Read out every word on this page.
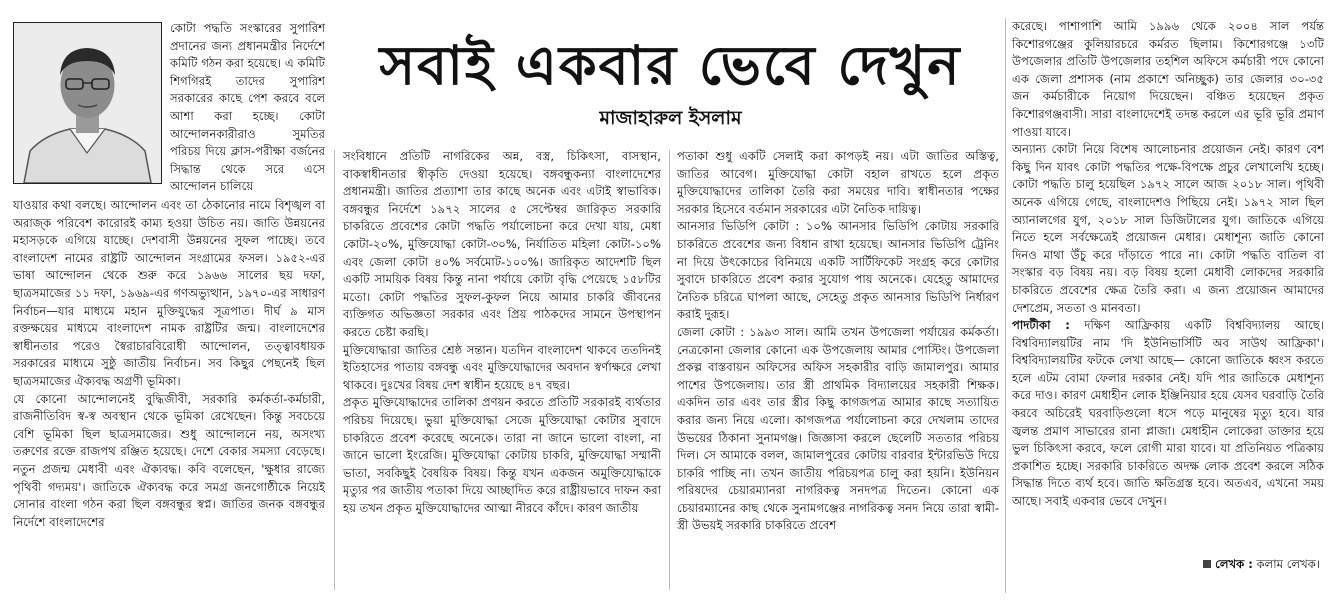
কোটা পদ্ধতি সংস্কারের সুপারিশ প্রদানের জন্য প্রধানমন্ত্রীর নির্দেশে কমিটি গঠন করা হয়েছে। এ কমিটি শিগগিরই তাদের সুপারিশ সরকারের কাছে পেশ করবে বলে আশা করা হচ্ছে। কোটা আন্দোলনকারীরাও সুমতির পরিচয় দিয়ে ক্লাস-পরীক্ষা বর্জনের সিদ্ধান্ত থেকে সরে এসে আন্দোলন চালিয়ে

যাওয়ার কথা বলছে। আন্দোলন এবং তা ঠেকানোর নামে বিশৃঙ্খল বা অরাজ্ক পরিবেশ কারোরই কাম্য হওয়া উচিত নয়। জাতি উন্নয়নের মহাসড়কে এগিয়ে যাচ্ছে। দেশবাসী উন্নয়নের সুফল পাচ্ছে। তবে বাংলাদেশ নামের রাষ্ট্রটি আন্দোলন সংগ্রামের ফসল। ১৯৫২-এর ভাষা আন্দোলন থেকে শুরু করে ১৯৬৬ সালের ছয় দফা, ছাত্রসমাজের ১১ দফা, ১৯৬৯-এর গণঅভ্যুত্থান, ১৯৭০-এর সাধারণ নির্বাচন—যার মাধ্যমে মহান মুক্তিযুদ্ধের সূত্রপাত। দীর্ঘ ৯ মাস রক্তক্ষয়ের মাধ্যমে বাংলাদেশ নামক রাষ্ট্রটির জন্ম। বাংলাদেশের স্বাধীনতার পরেও স্বৈরাচারবিরোধী আন্দোলন, তত্ত্বাবধায়ক সরকারের মাধ্যমে সুষ্ঠু জাতীয় নির্বাচন। সব কিছুর পেছনেই ছিল ছাত্রসমাজের ঐক্যবদ্ধ অগ্রণী ভূমিকা।

যে কোনো আন্দোলনেই বুদ্ধিজীবী, সরকারি কর্মকর্তা-কর্মচারী, রাজনীতিবিদ স্ব-স্ব অবস্থান থেকে ভূমিকা রেখেছেন। কিন্তু সবচেয়ে বেশি ভূমিকা ছিল ছাত্রসমাজের। শুধু আন্দোলনে নয়, অসংখ্য তরুণের রক্তে রাজপথ রঞ্জিত হয়েছে। দেশে বেকার সমস্যা বেড়েছে। নতুন প্রজন্ম মেধাবী এবং ঐক্যবদ্ধ। কবি বলেছেন, 'ক্ষুধার রাজ্যে পৃথিবী গদ্যময়'। জাতিকে ঐক্যবদ্ধ করে সমগ্র জনগোষ্ঠীকে নিয়েই সোনার বাংলা গঠন করা ছিল বঙ্গবন্ধুর স্বপ্ন। জাতির জনক বঙ্গবন্ধুর নির্দেশে বাংলাদেশের

সবাই একবার ভেবে দেখুন
মাজাহারুল ইসলাম

সংবিধানে প্রতিটি নাগরিকের অন্ন, বস্ত্র, চিকিৎসা, বাসস্থান, বাকস্বাধীনতার স্বীকৃতি দেওয়া হয়েছে। বঙ্গবন্ধুকন্যা বাংলাদেশের প্রধানমন্ত্রী। জাতির প্রত্যাশা তার কাছে অনেক এবং এটাই স্বাভাবিক। বঙ্গবন্ধুর নির্দেশে ১৯৭২ সালের ৫ সেপ্টেম্বর জারিকৃত সরকারি চাকরিতে প্রবেশের কোটা পদ্ধতি পর্যালোচনা করে দেখা যায়, মেধা কোটা-২০%, মুক্তিযোদ্ধা কোটা-৩০%, নির্যাতিত মহিলা কোটা-১০% এবং জেলা কোটা ৪০% সর্বমোট-১০০%। জারিকৃত আদেশটি ছিল একটি সাময়িক বিষয় কিন্তু নানা পর্যায়ে কোটা বৃদ্ধি পেয়েছে ১৫৮টির মতো। কোটা পদ্ধতির সুফল-কুফল নিয়ে আমার চাকরি জীবনের ব্যক্তিগত অভিজ্ঞতা সরকার এবং প্রিয় পাঠকদের সামনে উপস্থাপন করতে চেষ্টা করছি।

মুক্তিযোদ্ধারা জাতির শ্রেষ্ঠ সন্তান। যতদিন বাংলাদেশ থাকবে ততদিনই ইতিহাসের পাতায় বঙ্গবন্ধু এবং মুক্তিযোদ্ধাদের অবদান স্বর্ণাক্ষরে লেখা থাকবে। দুঃখের বিষয় দেশ স্বাধীন হয়েছে ৪৭ বছর।

প্রকৃত মুক্তিযোদ্ধাদের তালিকা প্রণয়ন করতে প্রতিটি সরকারই ব্যর্থতার পরিচয় দিয়েছে। ভুয়া মুক্তিযোদ্ধা সেজে মুক্তিযোদ্ধা কোটার সুবাদে চাকরিতে প্রবেশ করেছে অনেকে। তারা না জানে ভালো বাংলা, না জানে ভালো ইংরেজি। মুক্তিযোদ্ধা কোটায় চাকরি, মুক্তিযোদ্ধা সম্মানী ভাতা, সবকিছুই বৈষয়িক বিষয়। কিন্তু যখন একজন অমুক্তিযোদ্ধাকে মৃত্যুর পর জাতীয় পতাকা দিয়ে আচ্ছাদিত করে রাষ্ট্রীয়ভাবে দাফন করা হয় তখন প্রকৃত মুক্তিযোদ্ধাদের আত্মা নীরবে কাঁদে। কারণ জাতীয়

পতাকা শুধু একটি সেলাই করা কাপড়ই নয়। এটা জাতির অস্তিত্ব, জাতির আবেগ। মুক্তিযোদ্ধা কোটা বহাল রাখতে হলে প্রকৃত মুক্তিযোদ্ধাদের তালিকা তৈরি করা সময়ের দাবি। স্বাধীনতার পক্ষের সরকার হিসেবে বর্তমান সরকারের এটা নৈতিক দায়িত্ব।

আনসার ভিডিপি কোটা : ১০% আনসার ভিডিপি কোটায় সরকারি চাকরিতে প্রবেশের জন্য বিধান রাখা হয়েছে। আনসার ভিডিপি ট্রেনিং না দিয়ে উৎকোচের বিনিময়ে একটি সার্টিফিকেট সংগ্রহ করে কোটার সুবাদে চাকরিতে প্রবেশ করার সুযোগ পায় অনেকে। যেহেতু আমাদের নৈতিক চরিত্রে ঘাপলা আছে, সেহেতু প্রকৃত আনসার ভিডিপি নির্ধারণ করাই দুরূহ।

জেলা কোটা : ১৯৯৩ সাল। আমি তখন উপজেলা পর্যায়ের কর্মকর্তা। নেত্রকোনা জেলার কোনো এক উপজেলায় আমার পোস্টিং। উপজেলা প্রকল্প বাস্তবায়ন অফিসের অফিস সহকারীর বাড়ি জামালপুর। আমার পাশের উপজেলায়। তার স্ত্রী প্রাথমিক বিদ্যালয়ের সহকারী শিক্ষক। একদিন তার এবং তার স্ত্রীর কিছু কাগজপত্র আমার কাছে সত্যায়িত করার জন্য নিয়ে এলো। কাগজপত্র পর্যালোচনা করে দেখলাম তাদের উভয়ের ঠিকানা সুনামগঞ্জ। জিজ্ঞাসা করলে ছেলেটি সততার পরিচয় দিল। সে আমাকে বলল, জামালপুরের কোটায় বারবার ইন্টারভিউ দিয়ে চাকরি পাচ্ছি না। তখন জাতীয় পরিচয়পত্র চালু করা হয়নি। ইউনিয়ন পরিষদের চেয়ারম্যানরা নাগরিকত্ব সনদপত্র দিতেন। কোনো এক চেয়ারম্যানের কাছ থেকে সুনামগঞ্জের নাগরিকত্ব সনদ নিয়ে তারা স্বামী-স্ত্রী উভয়ই সরকারি চাকরিতে প্রবেশ

করেছে। পাশাপাশি আমি ১৯৯৬ থেকে ২০০৪ সাল পর্যন্ত কিশোরগঞ্জের কুলিয়ারচরে কর্মরত ছিলাম। কিশোরগঞ্জে ১৩টি উপজেলার প্রতিটি উপজেলার তহশিল অফিসে কর্মচারী পদে কোনো এক জেলা প্রশাসক (নাম প্রকাশে অনিচ্ছুক) তার জেলার ৩০-৩৫ জন কর্মচারীকে নিয়োগ দিয়েছেন। বঞ্চিত হয়েছেন প্রকৃত কিশোরগঞ্জবাসী। সারা বাংলাদেশেই তদন্ত করলে এর ভূরি ভূরি প্রমাণ পাওয়া যাবে।

অন্যান্য কোটা নিয়ে বিশেষ আলোচনার প্রয়োজন নেই। কারণ বেশ কিছু দিন যাবৎ কোটা পদ্ধতির পক্ষে-বিপক্ষে প্রচুর লেখালেখি হচ্ছে। কোটা পদ্ধতি চালু হয়েছিল ১৯৭২ সালে আজ ২০১৮ সাল। পৃথিবী অনেক এগিয়ে গেছে, বাংলাদেশও পিছিয়ে নেই। ১৯৭২ সাল ছিল অ্যানালগের যুগ, ২০১৮ সাল ডিজিটালের যুগ। জাতিকে এগিয়ে নিতে হলে সর্বক্ষেত্রেই প্রয়োজন মেধার। মেধাশূন্য জাতি কোনো দিনও মাথা উঁচু করে দাঁড়াতে পারে না। কোটা পদ্ধতি বাতিল বা সংস্কার বড় বিষয় নয়। বড় বিষয় হলো মেধাবী লোকদের সরকারি চাকরিতে প্রবেশের ক্ষেত্র তৈরি করা। এ জন্য প্রয়োজন আমাদের দেশপ্রেম, সততা ও মানবতা।

পাদটীকা : দক্ষিণ আফ্রিকায় একটি বিশ্ববিদ্যালয় আছে। বিশ্ববিদ্যালয়টির নাম 'দি ইউনিভার্সিটি অব সাউথ আফ্রিকা'। বিশ্ববিদ্যালয়টির ফটকে লেখা আছে— কোনো জাতিকে ধ্বংস করতে হলে এটম বোমা ফেলার দরকার নেই। যদি পার জাতিকে মেধাশূন্য করে দাও। কারণ মেধাহীন লোক ইঞ্জিনিয়ার হয়ে যেসব ঘরবাড়ি তৈরি করবে অচিরেই ঘরবাড়িগুলো ধসে পড়ে মানুষের মৃত্যু হবে। যার জ্বলন্ত প্রমাণ সাভারের রানা প্লাজা। মেধাহীন লোকেরা ডাক্তার হয়ে ভুল চিকিৎসা করবে, ফলে রোগী মারা যাবে। যা প্রতিনিয়ত পত্রিকায় প্রকাশিত হচ্ছে। সরকারি চাকরিতে অদক্ষ লোক প্রবেশ করলে সঠিক সিদ্ধান্ত দিতে ব্যর্থ হবে। জাতি ক্ষতিগ্রস্ত হবে। অতএব, এখনো সময় আছে। সবাই একবার ভেবে দেখুন।

লেখক : কলাম লেখক।
